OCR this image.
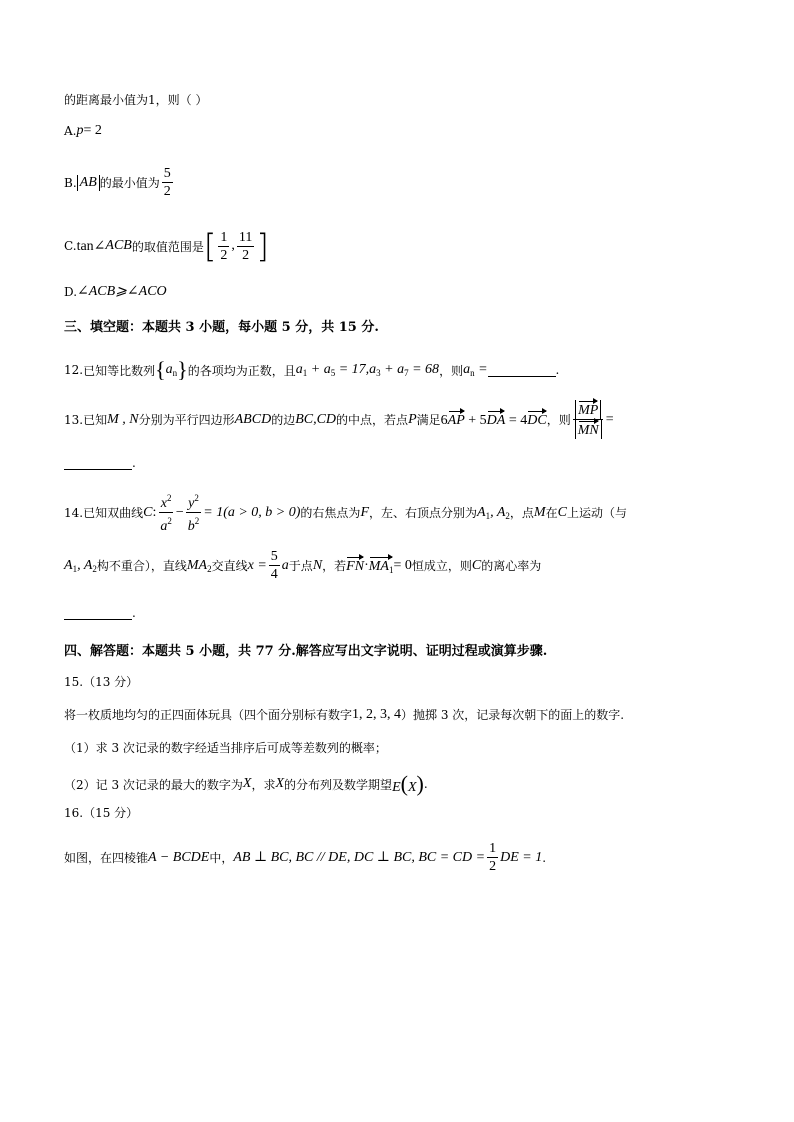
的距离最小值为1，则（ ）
A. p = 2
B. AB 的最小值为 $\frac{5}{2}$
C. tan∠ ACB 的取值范围是 [ $\frac{1}{2}$ , $\frac{11}{2}$ ]
D. ∠ACB⩾∠ACO
三、填空题：本题共 3 小题，每小题 5 分，共 15 分.
12. 已知等比数列 { $a_n$ } 的各项均为正数，且 $a_1 + a_5 = 17,a_3 + a_7 = 68$ ，则 $a_n$ =	.
13. 已知 M , N 分别为平行四边形 ABCD 的边 BC,CD 的中点，若点 P 满足 6AP + 5DA = 4DC ，则 $\frac{MP}{MN}$ =
.
14. 已知双曲线 C : $\frac{x^2}{a^2} - \frac{y^2}{b^2} = 1(a > 0$, b > 0) 的右焦点为 F ，左、右顶点分别为 $A_1$, $A_2$ ，点 M 在 C 上运动（与
$A_1$, $A_2$ 构不重合），直线 $MA_2$ 交直线 $x = \frac{5}{4}$ a 于点 N ，若 FN · $MA_1 = 0$ 恒成立，则 C 的离心率为
.
四、解答题：本题共 5 小题，共 77 分.解答应写出文字说明、证明过程或演算步骤.
15.（13 分）
将一枚质地均匀的正四面体玩具（四个面分别标有数字 1, 2, 3, 4 ）抛掷 3 次，记录每次朝下的面上的数字.
（1）求 3 次记录的数字经适当排序后可成等差数列的概率；
（2）记 3 次记录的最大的数字为 X ，求 X 的分布列及数学期望 E(X) .
16.（15 分）
如图，在四棱锥 A − BCDE 中， AB ⊥ BC, BC // DE, DC ⊥ BC, BC = CD = $\frac{1}{2}$ DE = 1 .
